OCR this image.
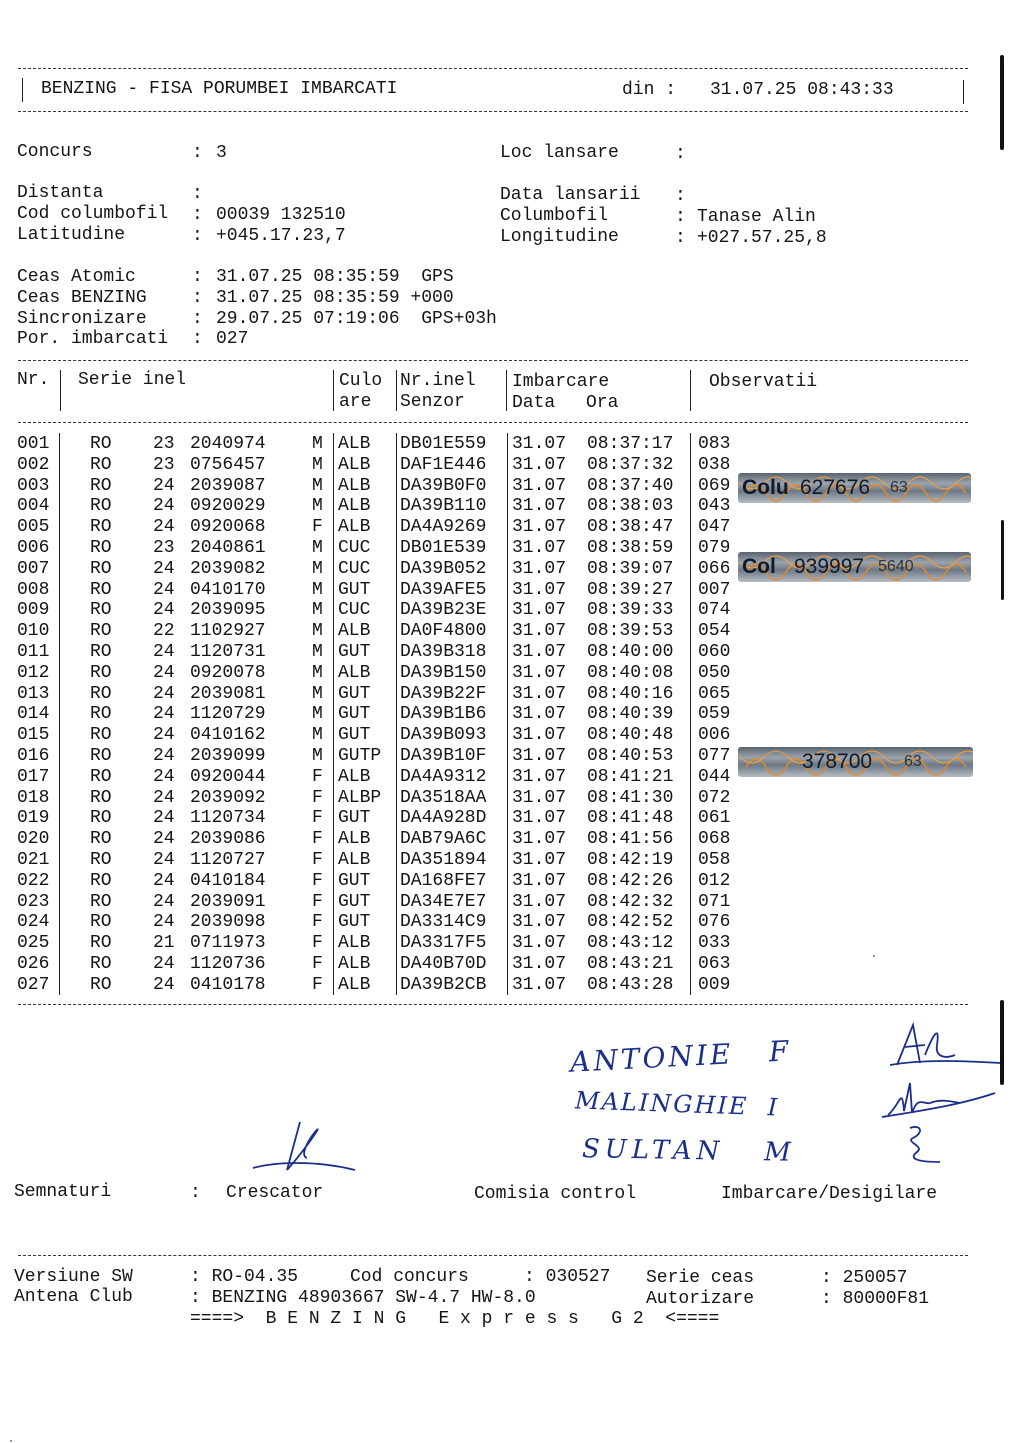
BENZING - FISA PORUMBEI IMBARCATI	din : 31.07.25 08:43:33
Concurs	: 3
Distanta	:
Cod columbofil : 00039 132510
Latitudine	: +045.17.23,7
Loc lansare	:
Data lansarii :
Columbofil	: Tanase Alin
Longitudine	: +027.57.25,8
Ceas Atomic	: 31.07.25 08:35:59  GPS
Ceas BENZING	: 31.07.25 08:35:59 +000
Sincronizare	: 29.07.25 07:19:06  GPS+03h
Por. imbarcati : 027
Nr. Serie inel	Culo
are
Nr.inel
Senzor
Imbarcare
Data Ora
Observatii
001 RO 23 2040974	M ALB DB01E559 31.07 08:37:17 083
002 RO 23 0756457	M ALB DAF1E446 31.07 08:37:32 038
003 RO 24 2039087	M ALB DA39B0F0 31.07 08:37:40 069
004 RO 24 0920029	M ALB DA39B110 31.07 08:38:03 043
005 RO 24 0920068	F ALB DA4A9269 31.07 08:38:47 047
006 RO 23 2040861	M CUC DB01E539 31.07 08:38:59 079
007 RO 24 2039082	M CUC DA39B052 31.07 08:39:07 066
008 RO 24 0410170	M GUT DA39AFE5 31.07 08:39:27 007
009 RO 24 2039095	M CUC DA39B23E 31.07 08:39:33 074
010 RO 22 1102927	M ALB DA0F4800 31.07 08:39:53 054
011 RO 24 1120731	M GUT DA39B318 31.07 08:40:00 060
012 RO 24 0920078	M ALB DA39B150 31.07 08:40:08 050
013 RO 24 2039081	M GUT DA39B22F 31.07 08:40:16 065
014 RO 24 1120729	M GUT DA39B1B6 31.07 08:40:39 059
015 RO 24 0410162	M GUT DA39B093 31.07 08:40:48 006
016 RO 24 2039099	M GUTP DA39B10F 31.07 08:40:53 077
017 RO 24 0920044	F ALB DA4A9312 31.07 08:41:21 044
018 RO 24 2039092	F ALBP DA3518AA 31.07 08:41:30 072
019 RO 24 1120734	F GUT DA4A928D 31.07 08:41:48 061
020 RO 24 2039086	F ALB DAB79A6C 31.07 08:41:56 068
021 RO 24 1120727	F ALB DA351894 31.07 08:42:19 058
022 RO 24 0410184	F GUT DA168FE7 31.07 08:42:26 012
023 RO 24 2039091	F GUT DA34E7E7 31.07 08:42:32 071
024 RO 24 2039098	F GUT DA3314C9 31.07 08:42:52 076
025 RO 21 0711973	F ALB DA3317F5 31.07 08:43:12 033
026 RO 24 1120736	F ALB DA40B70D 31.07 08:43:21 063
027 RO 24 0410178	F ALB DA39B2CB 31.07 08:43:28 009

Colu

627676

63

Col

939997

5640

378700

63

ANTONIE   F
MALINGHIE  I
SULTAN   M
Semnaturi	: Crescator	Comisia control	Imbarcare/Desigilare
Versiune SW	: RO-04.35	Cod concurs	: 030527 Serie ceas	: 250057
Antena Club	: BENZING 48903667 SW-4.7 HW-8.0	Autorizare	: 80000F81
====>  B E N Z I N G   E x p r e s s   G 2  <====
